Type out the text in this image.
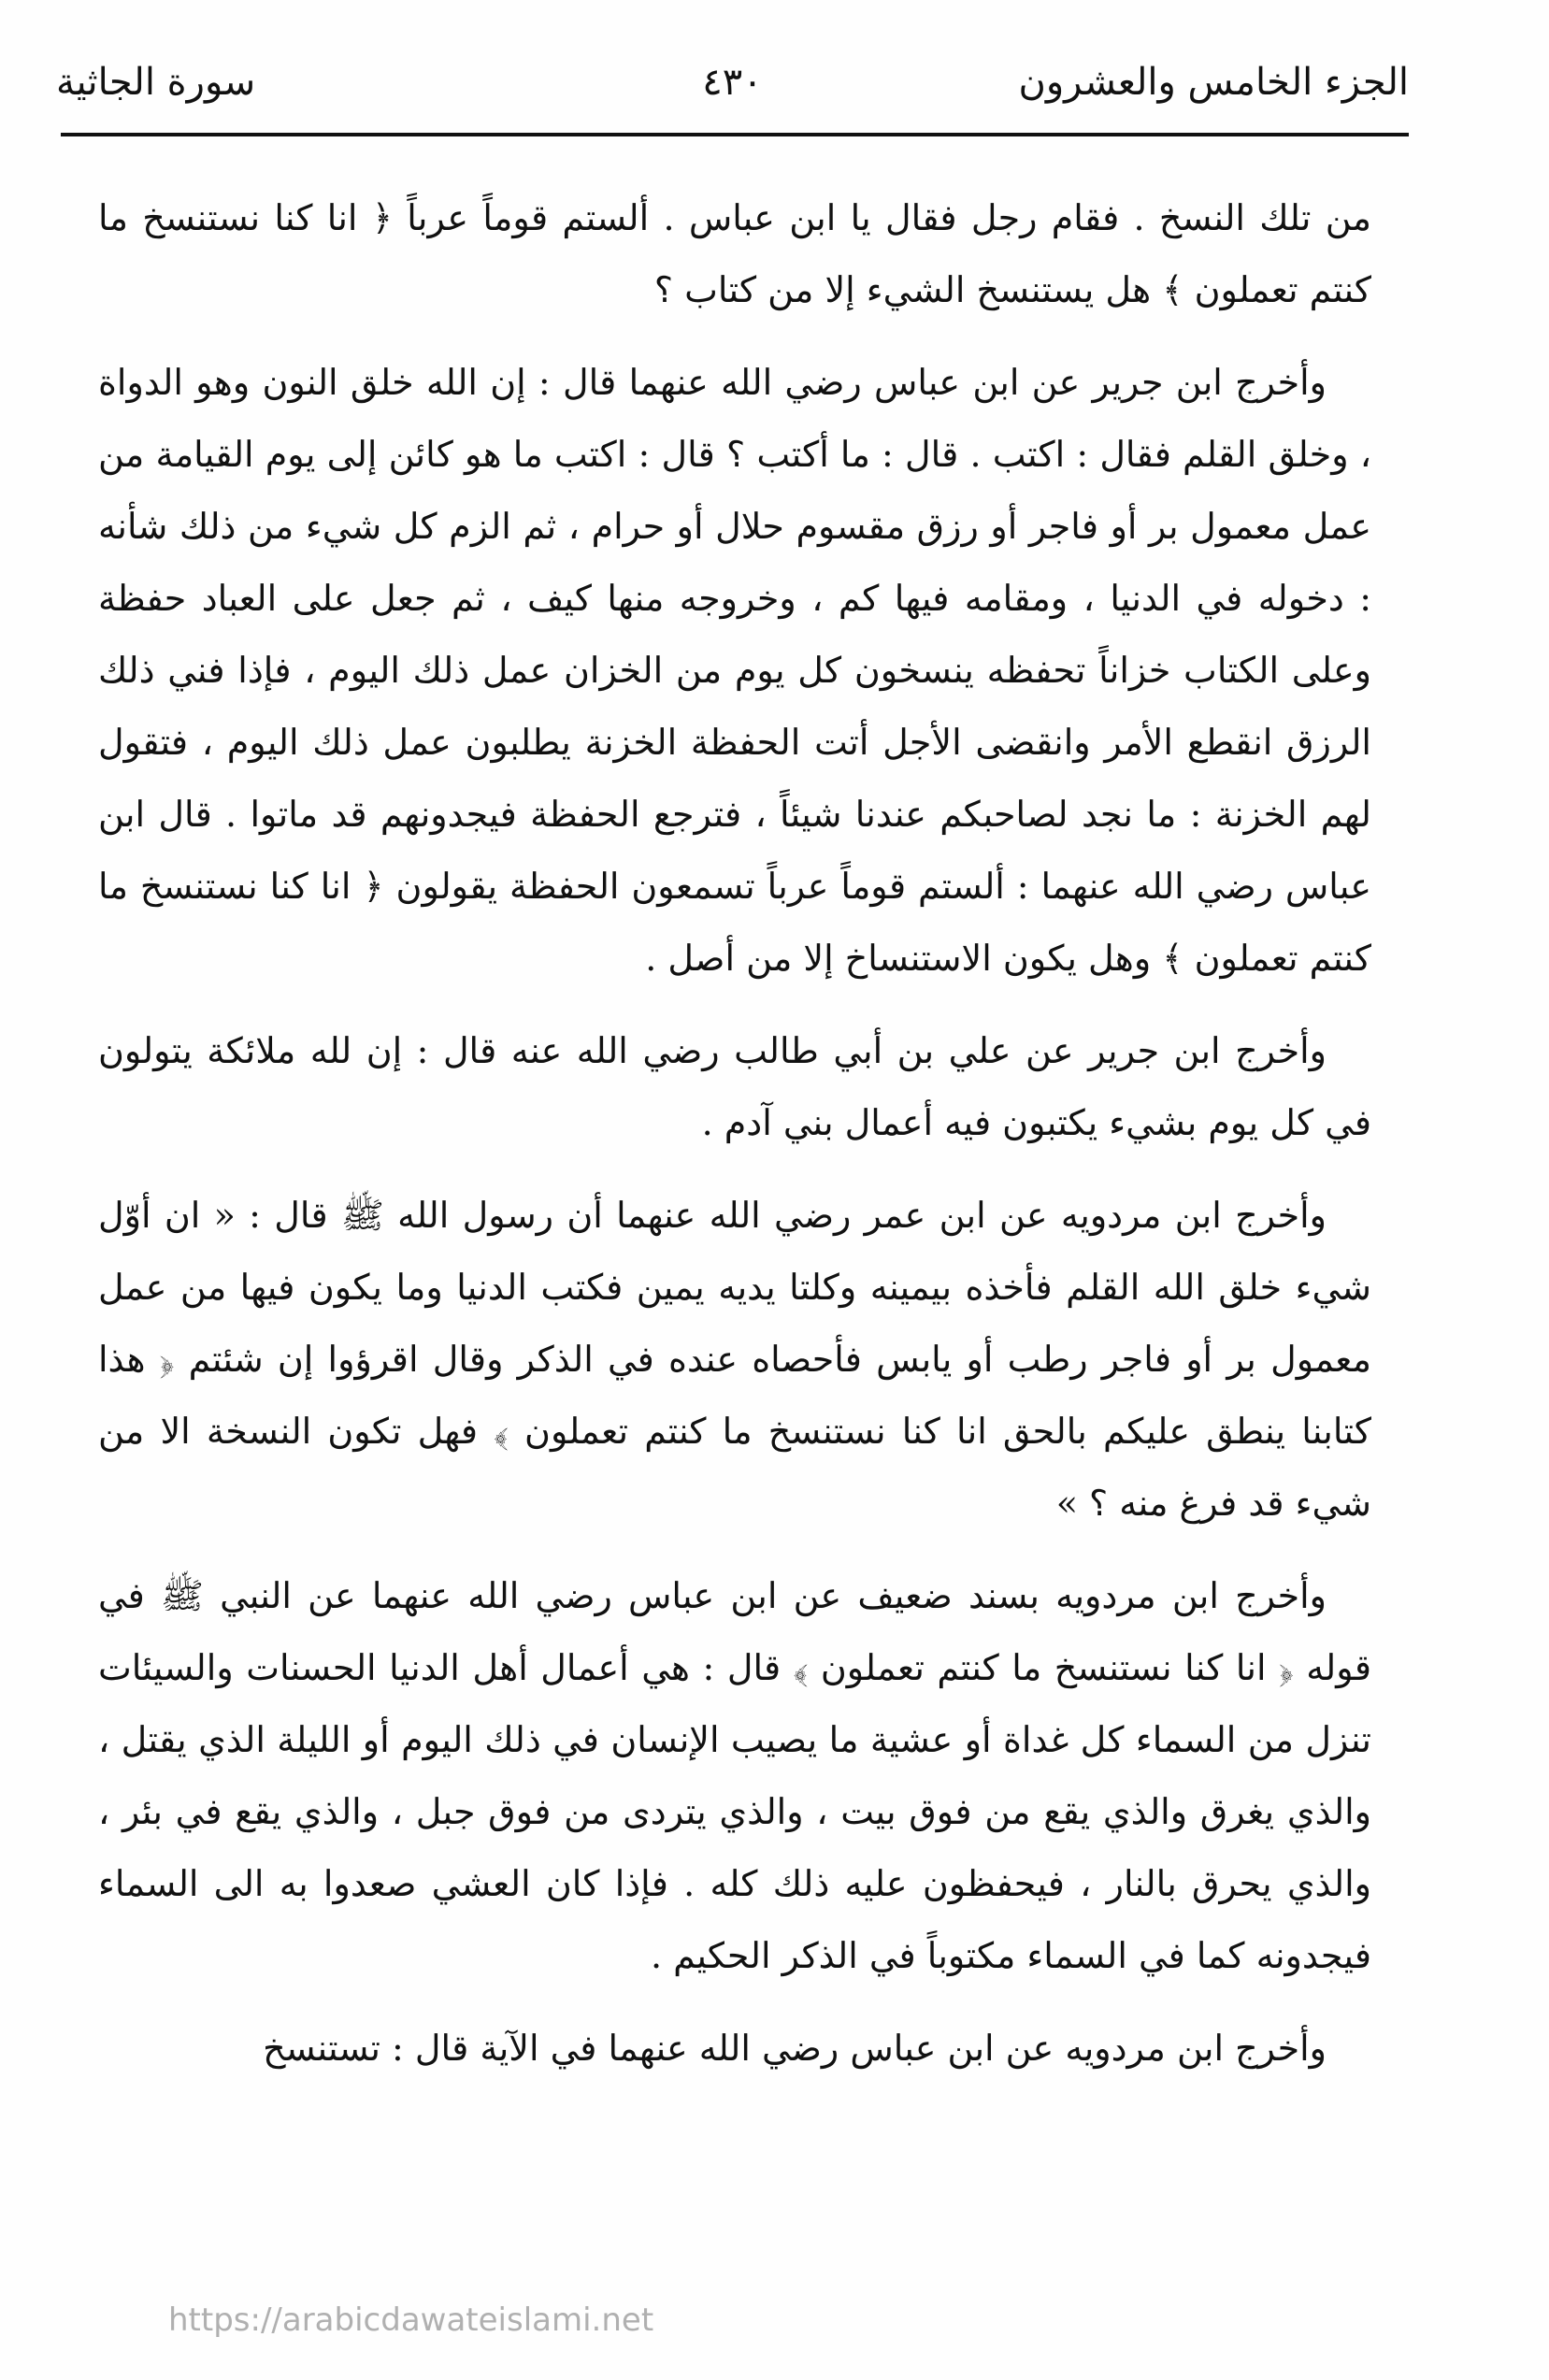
الجزء الخامس والعشرون
٤٣٠
سورة الجاثية

من تلك النسخ . فقام رجل فقال يا ابن عباس . ألستم قوماً عرباً ﴿ انا كنا نستنسخ ما كنتم تعملون ﴾ هل يستنسخ الشيء إلا من كتاب ؟

وأخرج ابن جرير عن ابن عباس رضي الله عنهما قال : إن الله خلق النون وهو الدواة ، وخلق القلم فقال : اكتب . قال : ما أكتب ؟ قال : اكتب ما هو كائن إلى يوم القيامة من عمل معمول بر أو فاجر أو رزق مقسوم حلال أو حرام ، ثم الزم كل شيء من ذلك شأنه : دخوله في الدنيا ، ومقامه فيها كم ، وخروجه منها كيف ، ثم جعل على العباد حفظة وعلى الكتاب خزاناً تحفظه ينسخون كل يوم من الخزان عمل ذلك اليوم ، فإذا فني ذلك الرزق انقطع الأمر وانقضى الأجل أتت الحفظة الخزنة يطلبون عمل ذلك اليوم ، فتقول لهم الخزنة : ما نجد لصاحبكم عندنا شيئاً ، فترجع الحفظة فيجدونهم قد ماتوا . قال ابن عباس رضي الله عنهما : ألستم قوماً عرباً تسمعون الحفظة يقولون ﴿ انا كنا نستنسخ ما كنتم تعملون ﴾ وهل يكون الاستنساخ إلا من أصل .

وأخرج ابن جرير عن علي بن أبي طالب رضي الله عنه قال : إن لله ملائكة يتولون في كل يوم بشيء يكتبون فيه أعمال بني آدم .

وأخرج ابن مردويه عن ابن عمر رضي الله عنهما أن رسول الله ﷺ قال : « ان أوّل شيء خلق الله القلم فأخذه بيمينه وكلتا يديه يمين فكتب الدنيا وما يكون فيها من عمل معمول بر أو فاجر رطب أو يابس فأحصاه عنده في الذكر وقال اقرؤوا إن شئتم ﴿ هذا كتابنا ينطق عليكم بالحق انا كنا نستنسخ ما كنتم تعملون ﴾ فهل تكون النسخة الا من شيء قد فرغ منه ؟ »

وأخرج ابن مردويه بسند ضعيف عن ابن عباس رضي الله عنهما عن النبي ﷺ في قوله ﴿ انا كنا نستنسخ ما كنتم تعملون ﴾ قال : هي أعمال أهل الدنيا الحسنات والسيئات تنزل من السماء كل غداة أو عشية ما يصيب الإنسان في ذلك اليوم أو الليلة الذي يقتل ، والذي يغرق والذي يقع من فوق بيت ، والذي يتردى من فوق جبل ، والذي يقع في بئر ، والذي يحرق بالنار ، فيحفظون عليه ذلك كله . فإذا كان العشي صعدوا به الى السماء فيجدونه كما في السماء مكتوباً في الذكر الحكيم .

وأخرج ابن مردويه عن ابن عباس رضي الله عنهما في الآية قال : تستنسخ

https://arabicdawateislami.net
